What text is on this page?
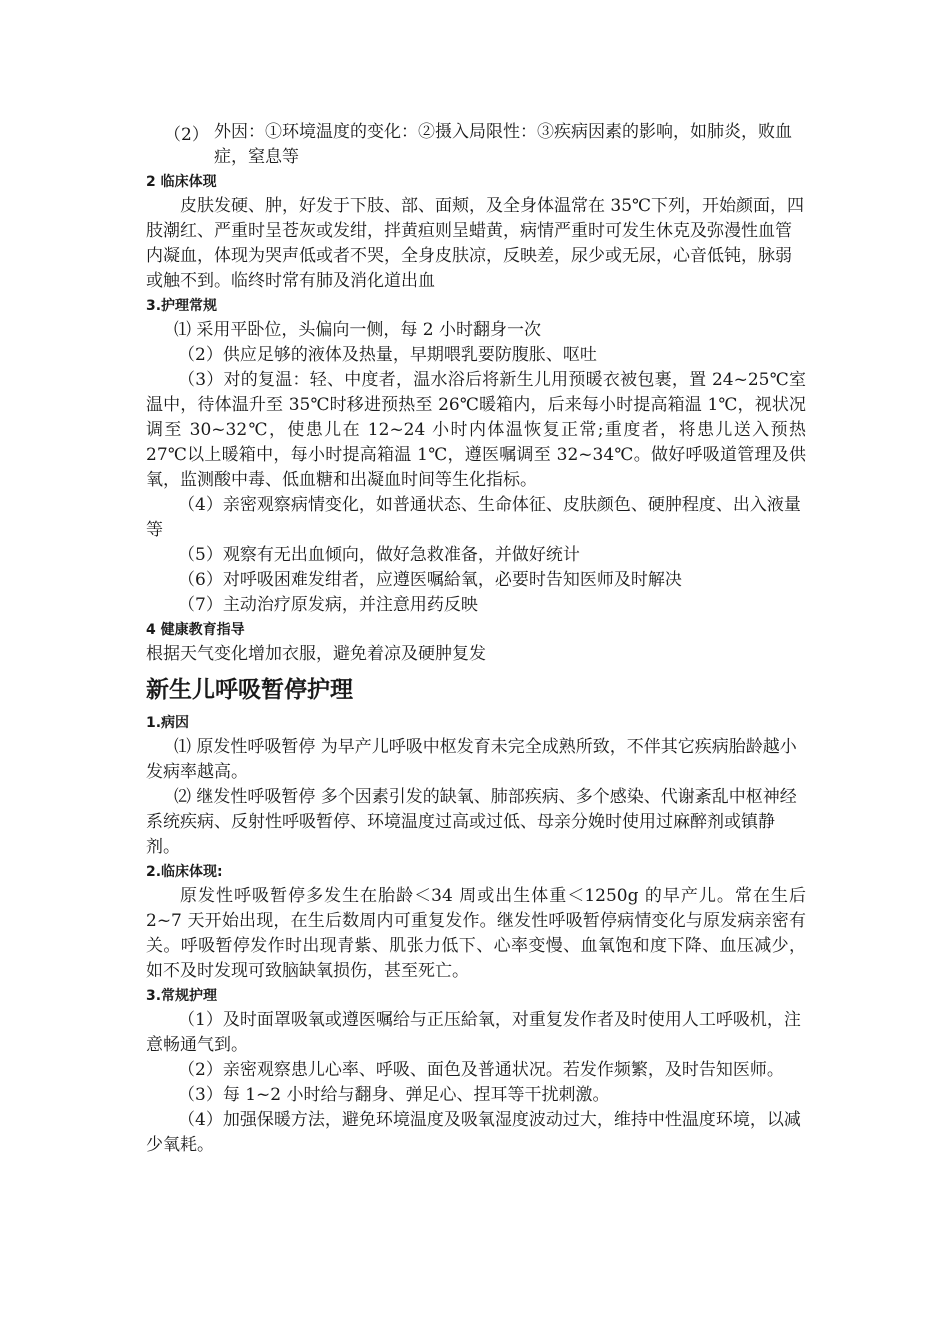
（2） 外因：①环境温度的变化：②摄入局限性：③疾病因素的影响，如肺炎，败血症，窒息等

2 临床体现

皮肤发硬、肿，好发于下肢、部、面颊，及全身体温常在 35℃下列，开始颜面，四肢潮红、严重时呈苍灰或发绀，拌黄疸则呈蜡黄，病情严重时可发生休克及弥漫性血管内凝血，体现为哭声低或者不哭，全身皮肤凉，反映差，尿少或无尿，心音低钝，脉弱或触不到。临终时常有肺及消化道出血

3.护理常规

⑴ 采用平卧位，头偏向一侧，每 2 小时翻身一次

（2）供应足够的液体及热量，早期喂乳要防腹胀、呕吐

（3）对的复温：轻、中度者，温水浴后将新生儿用预暖衣被包裹，置 24~25℃室温中，待体温升至 35℃时移进预热至 26℃暖箱内，后来每小时提高箱温 1℃，视状况调至 30~32℃，使患儿在 12~24 小时内体温恢复正常;重度者，将患儿送入预热 27℃以上暖箱中，每小时提高箱温 1℃，遵医嘱调至 32~34℃。做好呼吸道管理及供氧，监测酸中毒、低血糖和出凝血时间等生化指标。

（4）亲密观察病情变化，如普通状态、生命体征、皮肤颜色、硬肿程度、出入液量等

（5）观察有无出血倾向，做好急救准备，并做好统计

（6）对呼吸困难发绀者，应遵医嘱給氧，必要时告知医师及时解决

（7）主动治疗原发病，并注意用药反映

4 健康教育指导

根据天气变化增加衣服，避免着凉及硬肿复发

新生儿呼吸暂停护理

1.病因

⑴ 原发性呼吸暂停 为早产儿呼吸中枢发育未完全成熟所致，不伴其它疾病胎龄越小发病率越高。

⑵ 继发性呼吸暂停 多个因素引发的缺氧、肺部疾病、多个感染、代谢紊乱中枢神经系统疾病、反射性呼吸暂停、环境温度过高或过低、母亲分娩时使用过麻醉剂或镇静剂。

2.临床体现:

原发性呼吸暂停多发生在胎龄＜34 周或出生体重＜1250g 的早产儿。常在生后 2~7 天开始出现，在生后数周内可重复发作。继发性呼吸暂停病情变化与原发病亲密有关。呼吸暂停发作时出现青紫、肌张力低下、心率变慢、血氧饱和度下降、血压减少，如不及时发现可致脑缺氧损伤，甚至死亡。

3.常规护理

（1）及时面罩吸氧或遵医嘱给与正压給氧，对重复发作者及时使用人工呼吸机，注意畅通气到。

（2）亲密观察患儿心率、呼吸、面色及普通状况。若发作频繁，及时告知医师。

（3）每 1~2 小时给与翻身、弹足心、捏耳等干扰刺激。

（4）加强保暖方法，避免环境温度及吸氧湿度波动过大，维持中性温度环境，以减少氧耗。
